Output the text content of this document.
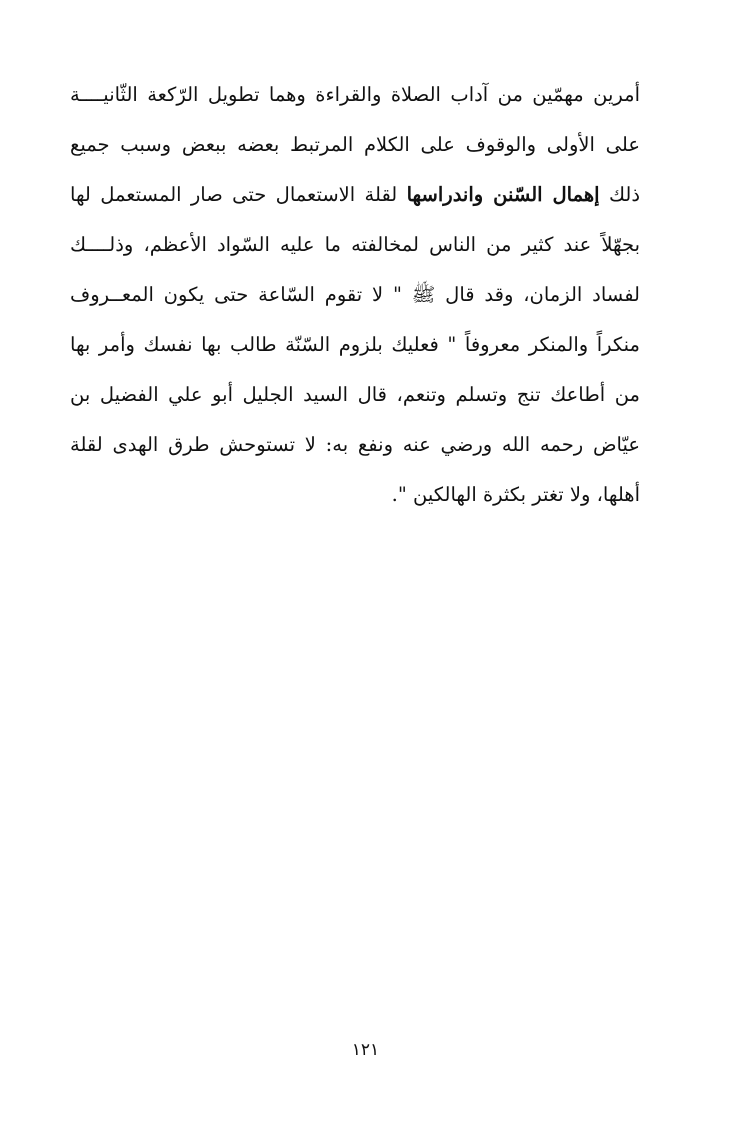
أمرين مهمّين من آداب الصلاة والقراءة وهما تطويل الرّكعة الثّانيــــة
على الأولى والوقوف على الكلام المرتبط بعضه ببعض وسبب جميع
ذلك إهمال السّنن واندراسها لقلة الاستعمال حتى صار المستعمل لها
بجهّلاً عند كثير من الناس لمخالفته ما عليه السّواد الأعظم، وذلــــك
لفساد الزمان، وقد قال ﷺ " لا تقوم السّاعة حتى يكون المعــروف
منكراً والمنكر معروفاً " فعليك بلزوم السّنّة طالب بها نفسك وأمر بها
من أطاعك تنج وتسلم وتنعم، قال السيد الجليل أبو علي الفضيل بن
عيّاض رحمه الله ورضي عنه ونفع به: لا تستوحش طرق الهدى لقلة
أهلها، ولا تغتر بكثرة الهالكين ".
١٢١
